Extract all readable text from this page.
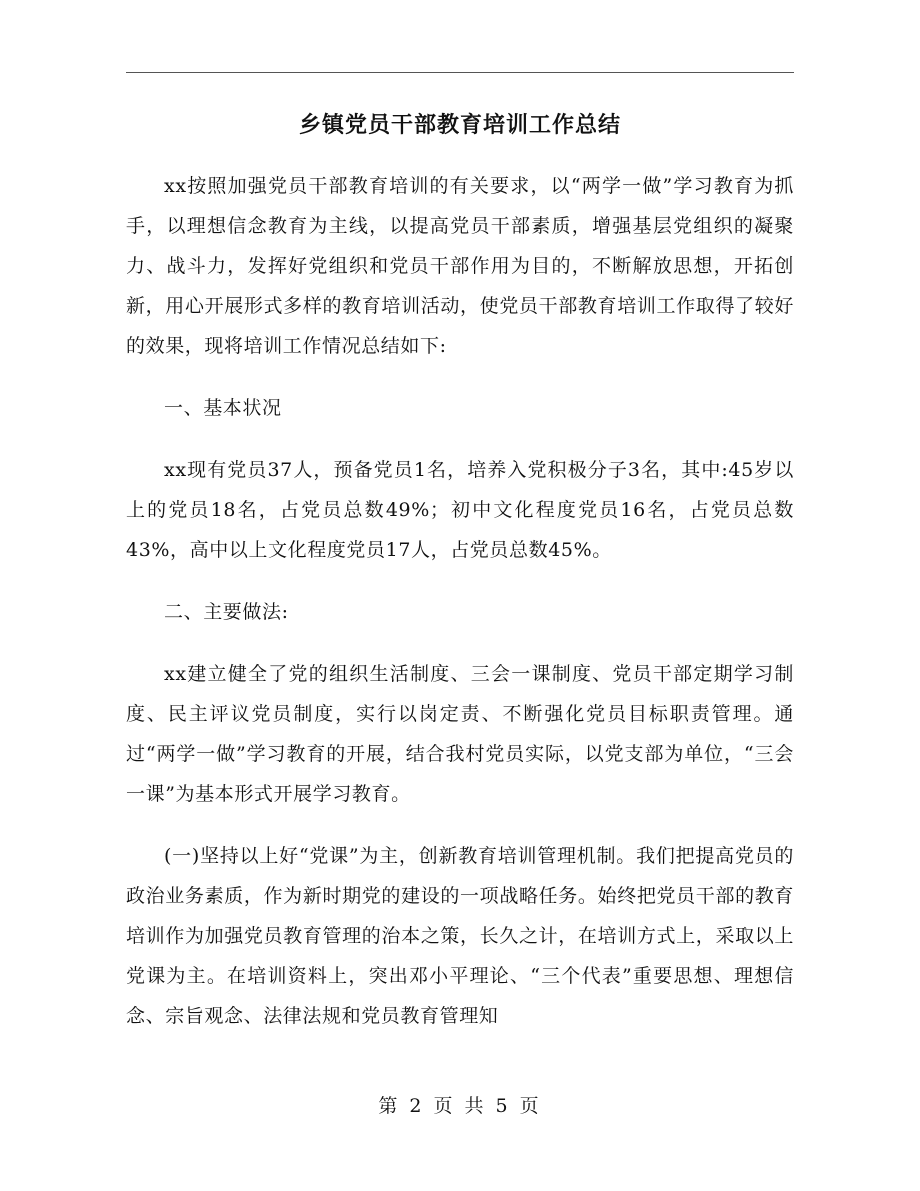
乡镇党员干部教育培训工作总结

xx按照加强党员干部教育培训的有关要求，以“两学一做”学习教育为抓手，以理想信念教育为主线，以提高党员干部素质，增强基层党组织的凝聚力、战斗力，发挥好党组织和党员干部作用为目的，不断解放思想，开拓创新，用心开展形式多样的教育培训活动，使党员干部教育培训工作取得了较好的效果，现将培训工作情况总结如下:

一、基本状况

xx现有党员37人，预备党员1名，培养入党积极分子3名，其中:45岁以上的党员18名，占党员总数49%；初中文化程度党员16名，占党员总数43%，高中以上文化程度党员17人，占党员总数45%。

二、主要做法:

xx建立健全了党的组织生活制度、三会一课制度、党员干部定期学习制度、民主评议党员制度，实行以岗定责、不断强化党员目标职责管理。通过“两学一做”学习教育的开展，结合我村党员实际，以党支部为单位，“三会一课”为基本形式开展学习教育。

(一)坚持以上好“党课”为主，创新教育培训管理机制。我们把提高党员的政治业务素质，作为新时期党的建设的一项战略任务。始终把党员干部的教育培训作为加强党员教育管理的治本之策，长久之计，在培训方式上，采取以上党课为主。在培训资料上，突出邓小平理论、“三个代表”重要思想、理想信念、宗旨观念、法律法规和党员教育管理知

第 2 页 共 5 页
